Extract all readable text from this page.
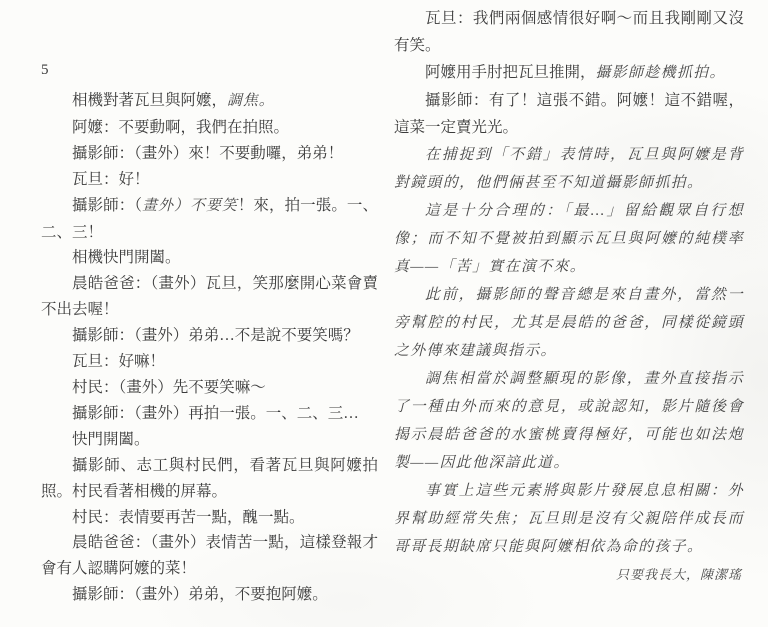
5

相機對著瓦旦與阿嬤，調焦。

阿嬤：不要動啊，我們在拍照。

攝影師：（畫外）來！不要動囉，弟弟！

瓦旦：好！

攝影師：（畫外）不要笑！來，拍一張。一、二、三！

相機快門開闔。

晨皓爸爸：（畫外）瓦旦，笑那麼開心菜會賣不出去喔！

攝影師：（畫外）弟弟…不是說不要笑嗎？

瓦旦：好嘛！

村民：（畫外）先不要笑嘛～

攝影師：（畫外）再拍一張。一、二、三…

快門開闔。

攝影師、志工與村民們，看著瓦旦與阿嬤拍照。村民看著相機的屏幕。

村民：表情要再苦一點，醜一點。

晨皓爸爸：（畫外）表情苦一點，這樣登報才會有人認購阿嬤的菜！

攝影師：（畫外）弟弟，不要抱阿嬤。

瓦旦：我們兩個感情很好啊～而且我剛剛又沒有笑。

阿嬤用手肘把瓦旦推開，攝影師趁機抓拍。

攝影師：有了！這張不錯。阿嬤！這不錯喔，這菜一定賣光光。

在捕捉到「不錯」表情時，瓦旦與阿嬤是背對鏡頭的，他們倆甚至不知道攝影師抓拍。

這是十分合理的：「最…」留給觀眾自行想像；而不知不覺被拍到顯示瓦旦與阿嬤的純樸率真——「苦」實在演不來。

此前，攝影師的聲音總是來自畫外，當然一旁幫腔的村民，尤其是晨皓的爸爸，同樣從鏡頭之外傳來建議與指示。

調焦相當於調整顯現的影像，畫外直接指示了一種由外而來的意見，或說認知，影片隨後會揭示晨皓爸爸的水蜜桃賣得極好，可能也如法炮製——因此他深諳此道。

事實上這些元素將與影片發展息息相關：外界幫助經常失焦；瓦旦則是沒有父親陪伴成長而哥哥長期缺席只能與阿嬤相依為命的孩子。

只要我長大，陳潔瑤
